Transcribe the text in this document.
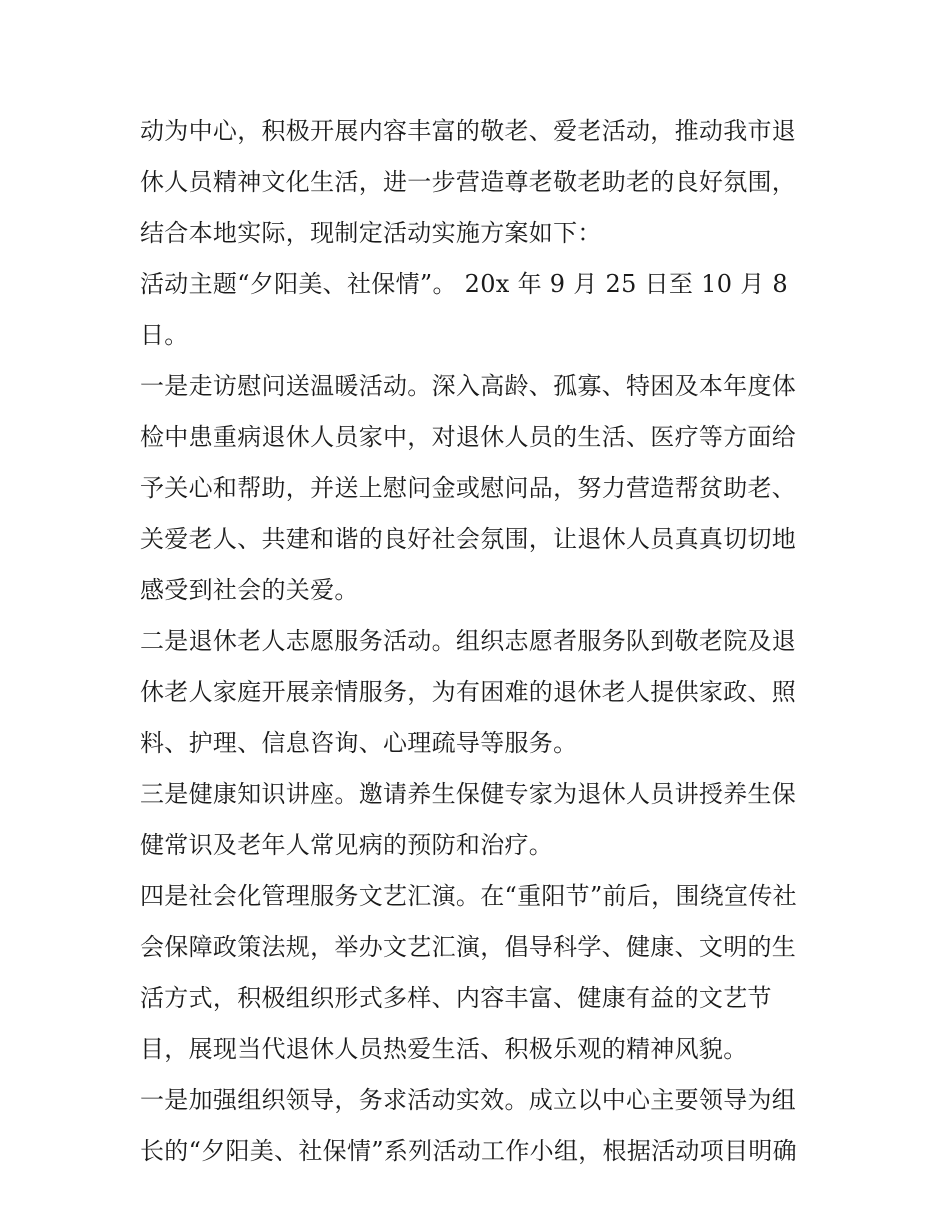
动为中心，积极开展内容丰富的敬老、爱老活动，推动我市退
休人员精神文化生活，进一步营造尊老敬老助老的良好氛围，
结合本地实际，现制定活动实施方案如下：

活动主题“夕阳美、社保情”。 20x 年 9 月 25 日至 10 月 8 日。

一是走访慰问送温暖活动。深入高龄、孤寡、特困及本年度体
检中患重病退休人员家中，对退休人员的生活、医疗等方面给
予关心和帮助，并送上慰问金或慰问品，努力营造帮贫助老、
关爱老人、共建和谐的良好社会氛围，让退休人员真真切切地
感受到社会的关爱。

二是退休老人志愿服务活动。组织志愿者服务队到敬老院及退
休老人家庭开展亲情服务，为有困难的退休老人提供家政、照
料、护理、信息咨询、心理疏导等服务。

三是健康知识讲座。邀请养生保健专家为退休人员讲授养生保
健常识及老年人常见病的预防和治疗。

四是社会化管理服务文艺汇演。在“重阳节”前后，围绕宣传社
会保障政策法规，举办文艺汇演，倡导科学、健康、文明的生
活方式，积极组织形式多样、内容丰富、健康有益的文艺节
目，展现当代退休人员热爱生活、积极乐观的精神风貌。

一是加强组织领导，务求活动实效。成立以中心主要领导为组
长的“夕阳美、社保情”系列活动工作小组，根据活动项目明确
